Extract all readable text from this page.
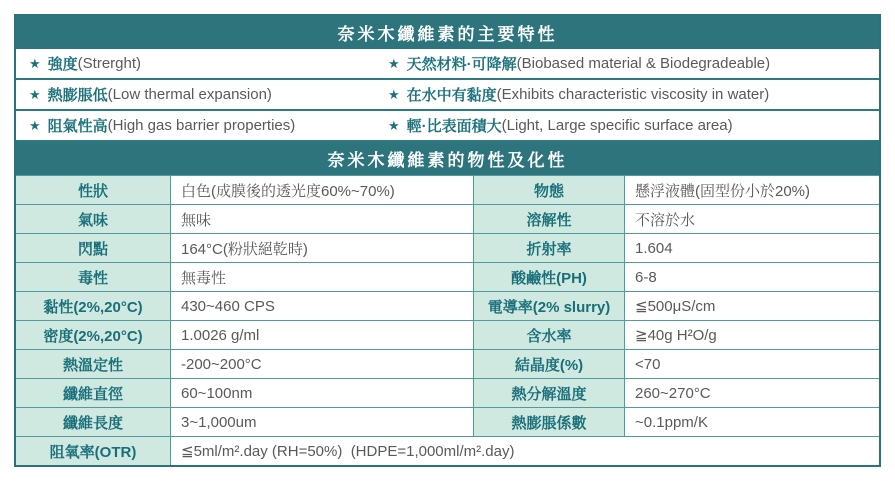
奈米木纖維素的主要特性
★ 強度 (Strerght)	★ 天然材料·可降解 (Biobased material & Biodegradeable)
★ 熱膨脹低 (Low thermal expansion)	★ 在水中有黏度 (Exhibits characteristic viscosity in water)
★ 阻氣性高 (High gas barrier properties)	★ 輕·比表面積大 (Light, Large specific surface area)
奈米木纖維素的物性及化性
性狀	白色(成膜後的透光度60%~70%)	物態	懸浮液體(固型份小於20%)
氣味	無味	溶解性	不溶於水
閃點	164°C(粉狀絕乾時)	折射率	1.604
毒性	無毒性	酸鹼性(PH)	6-8
黏性(2%,20°C)	430~460 CPS	電導率(2% slurry)	≦500μS/cm
密度(2%,20°C)	1.0026 g/ml	含水率	≧40g H²O/g
熱溫定性	-200~200°C	結晶度(%)	<70
纖維直徑	60~100nm	熱分解溫度	260~270°C
纖維長度	3~1,000um	熱膨脹係數	~0.1ppm/K
阻氧率(OTR)	≦5ml/m².day (RH=50%)  (HDPE=1,000ml/m².day)
